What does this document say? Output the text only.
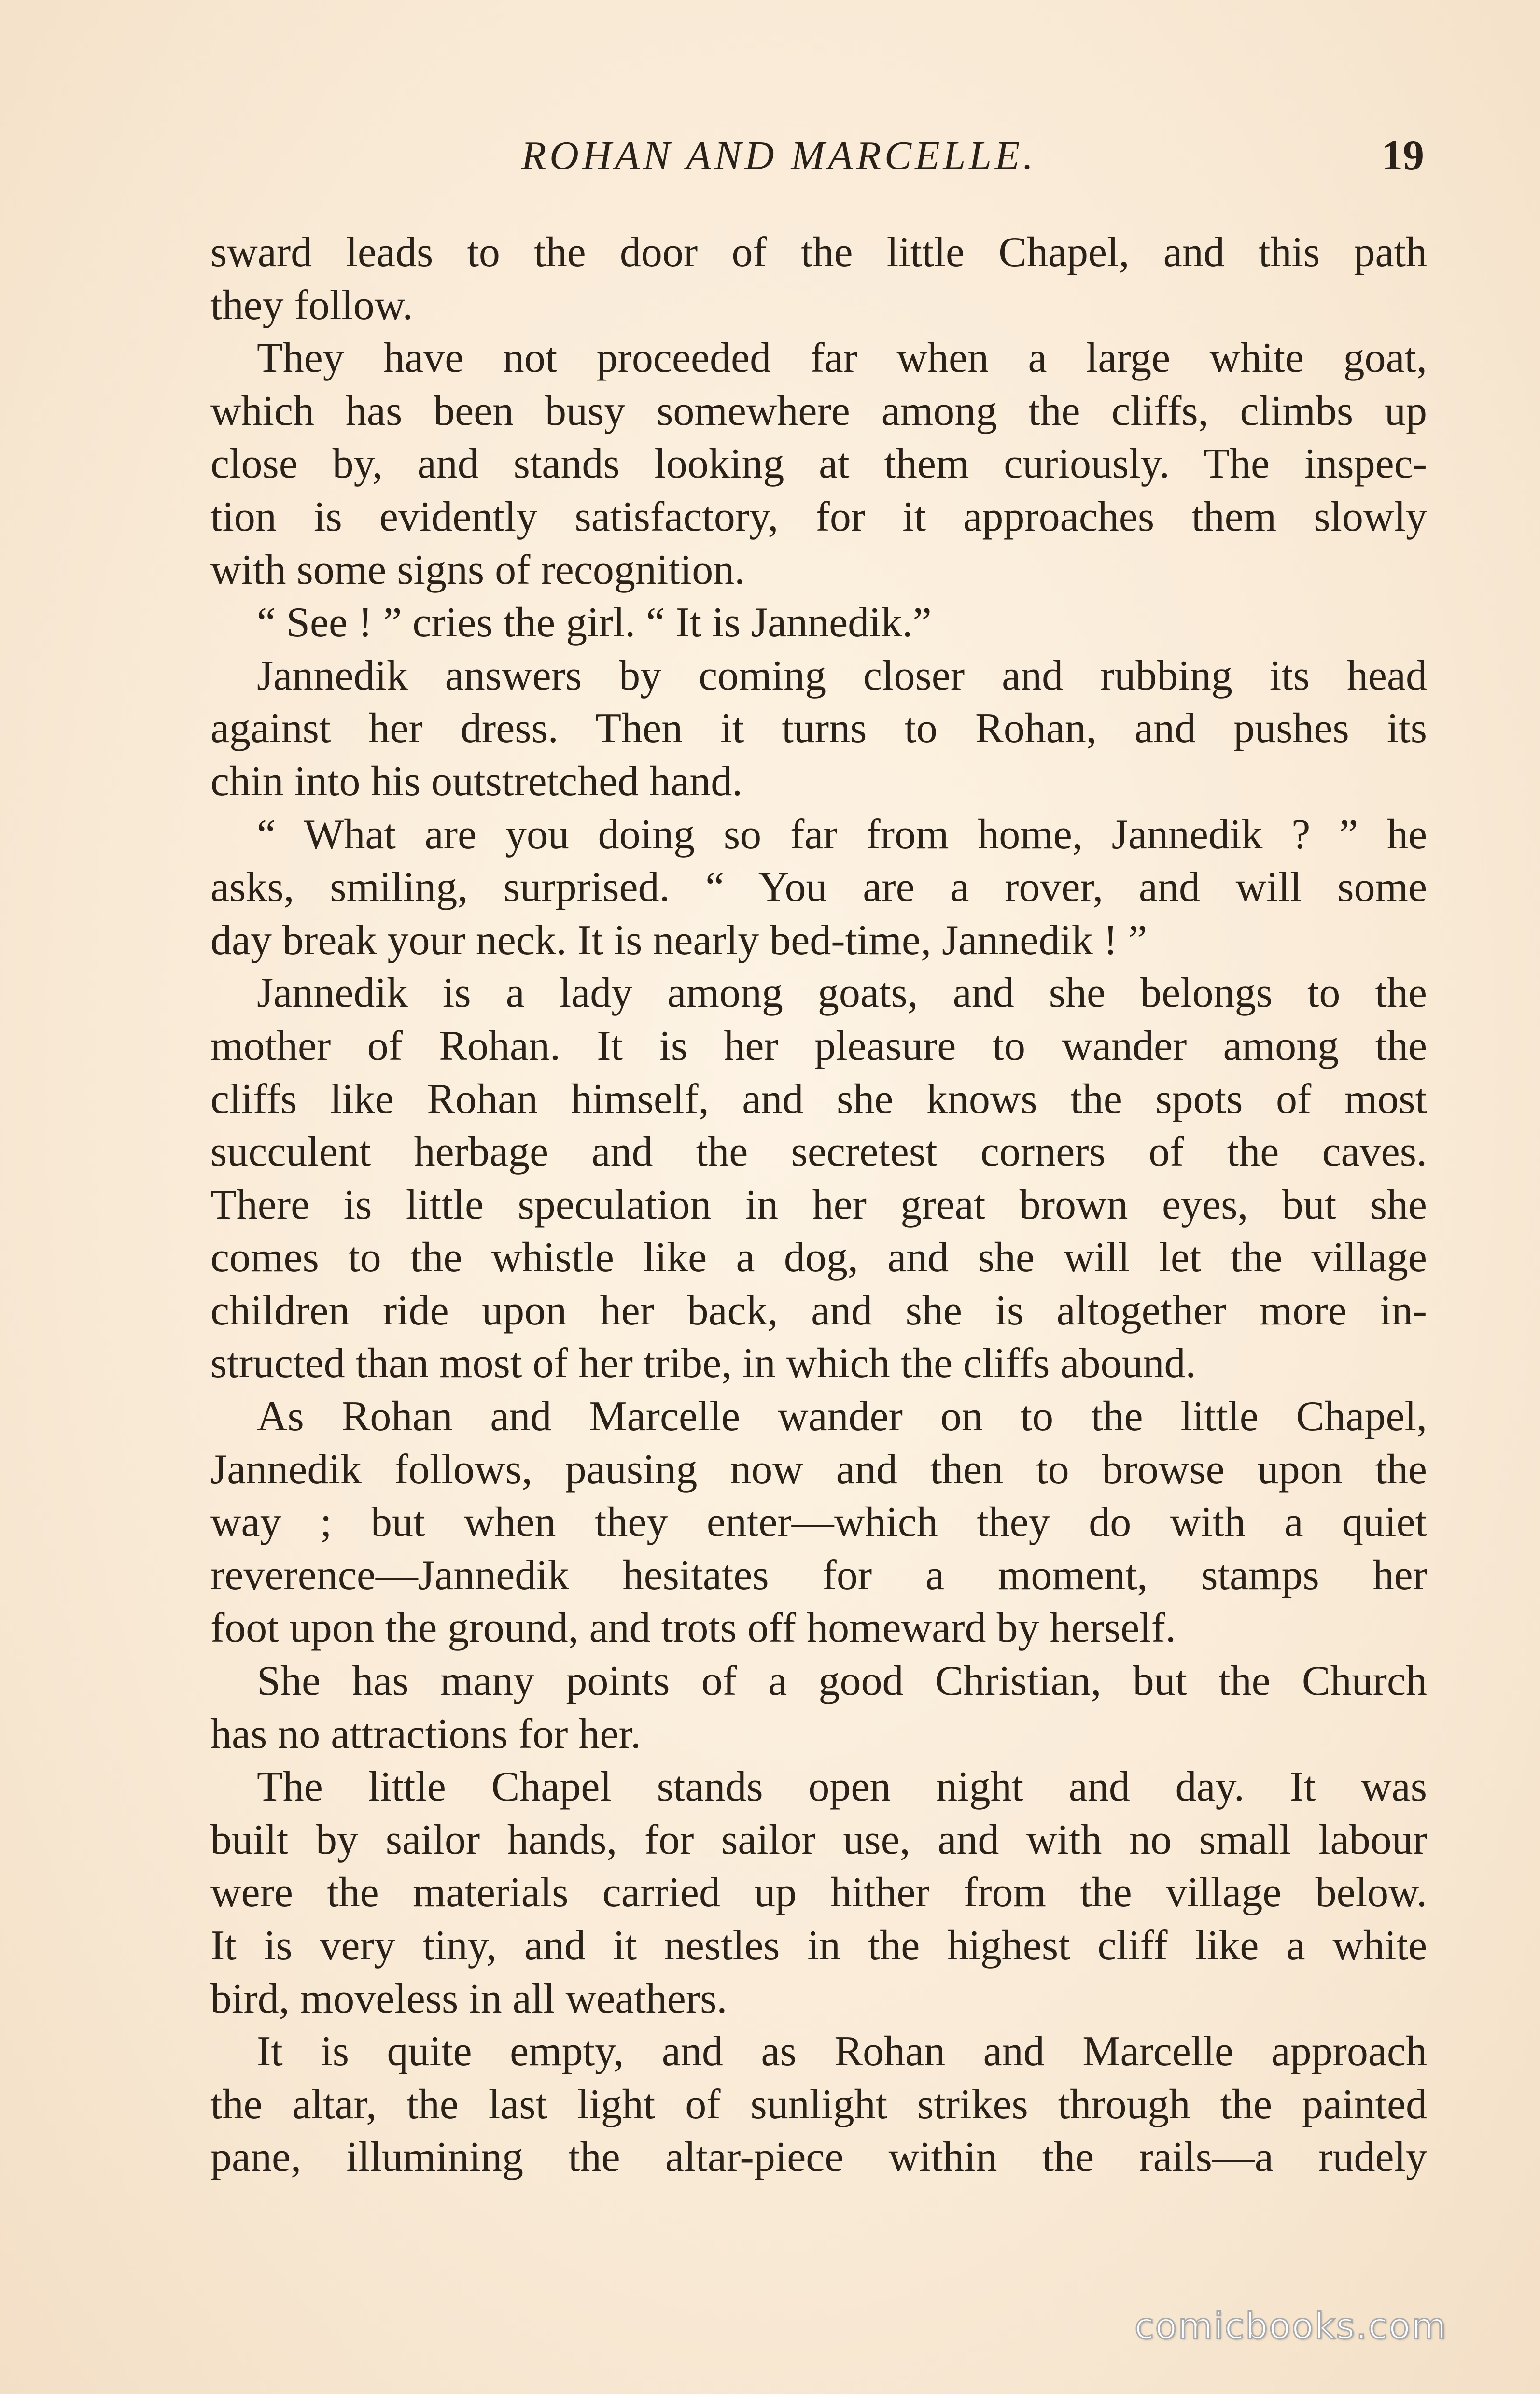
ROHAN AND MARCELLE.	19
sward leads to the door of the little Chapel, and this path
they follow.
They have not proceeded far when a large white goat,
which has been busy somewhere among the cliffs, climbs up
close by, and stands looking at them curiously. The inspec-
tion is evidently satisfactory, for it approaches them slowly
with some signs of recognition.
“ See ! ” cries the girl. “ It is Jannedik.”
Jannedik answers by coming closer and rubbing its head
against her dress. Then it turns to Rohan, and pushes its
chin into his outstretched hand.
“ What are you doing so far from home, Jannedik ? ” he
asks, smiling, surprised. “ You are a rover, and will some
day break your neck. It is nearly bed-time, Jannedik ! ”
Jannedik is a lady among goats, and she belongs to the
mother of Rohan. It is her pleasure to wander among the
cliffs like Rohan himself, and she knows the spots of most
succulent herbage and the secretest corners of the caves.
There is little speculation in her great brown eyes, but she
comes to the whistle like a dog, and she will let the village
children ride upon her back, and she is altogether more in-
structed than most of her tribe, in which the cliffs abound.
As Rohan and Marcelle wander on to the little Chapel,
Jannedik follows, pausing now and then to browse upon the
way ; but when they enter—which they do with a quiet
reverence—Jannedik hesitates for a moment, stamps her
foot upon the ground, and trots off homeward by herself.
She has many points of a good Christian, but the Church
has no attractions for her.
The little Chapel stands open night and day. It was
built by sailor hands, for sailor use, and with no small labour
were the materials carried up hither from the village below.
It is very tiny, and it nestles in the highest cliff like a white
bird, moveless in all weathers.
It is quite empty, and as Rohan and Marcelle approach
the altar, the last light of sunlight strikes through the painted
pane, illumining the altar-piece within the rails—a rudely
comicbooks.com
